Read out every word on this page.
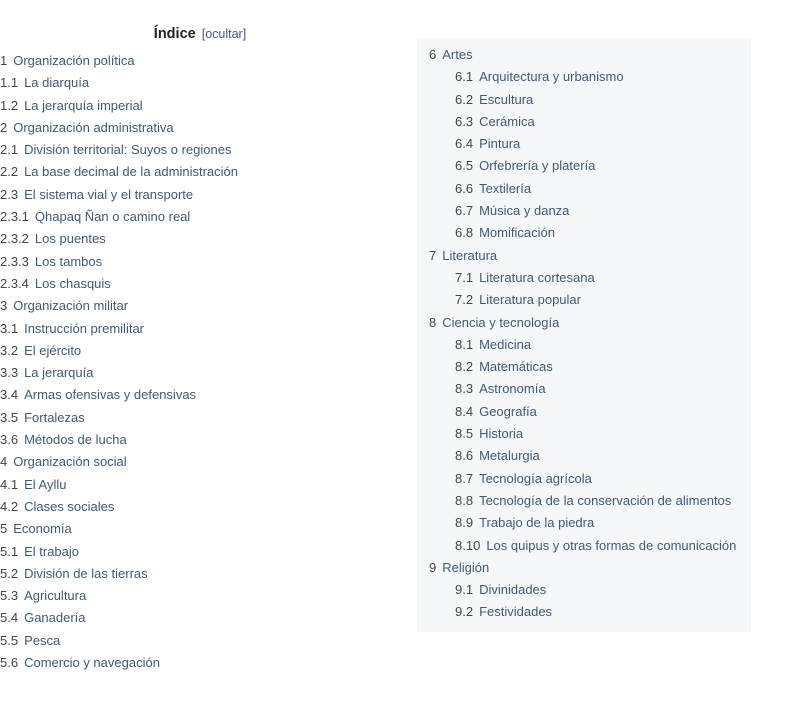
Índice [ocultar]
1 Organización política
1.1 La diarquía
1.2 La jerarquía imperial
2 Organización administrativa
2.1 División territorial: Suyos o regiones
2.2 La base decimal de la administración
2.3 El sistema vial y el transporte
2.3.1 Qhapaq Ñan o camino real
2.3.2 Los puentes
2.3.3 Los tambos
2.3.4 Los chasquis
3 Organización militar
3.1 Instrucción premilitar
3.2 El ejército
3.3 La jerarquía
3.4 Armas ofensivas y defensivas
3.5 Fortalezas
3.6 Métodos de lucha
4 Organización social
4.1 El Ayllu
4.2 Clases sociales
5 Economía
5.1 El trabajo
5.2 División de las tierras
5.3 Agricultura
5.4 Ganadería
5.5 Pesca
5.6 Comercio y navegación
6 Artes
6.1 Arquitectura y urbanismo
6.2 Escultura
6.3 Cerámica
6.4 Pintura
6.5 Orfebrería y platería
6.6 Textilería
6.7 Música y danza
6.8 Momificación
7 Literatura
7.1 Literatura cortesana
7.2 Literatura popular
8 Ciencia y tecnología
8.1 Medicina
8.2 Matemáticas
8.3 Astronomía
8.4 Geografía
8.5 Historia
8.6 Metalurgia
8.7 Tecnología agrícola
8.8 Tecnología de la conservación de alimentos
8.9 Trabajo de la piedra
8.10 Los quipus y otras formas de comunicación
9 Religión
9.1 Divinidades
9.2 Festividades
